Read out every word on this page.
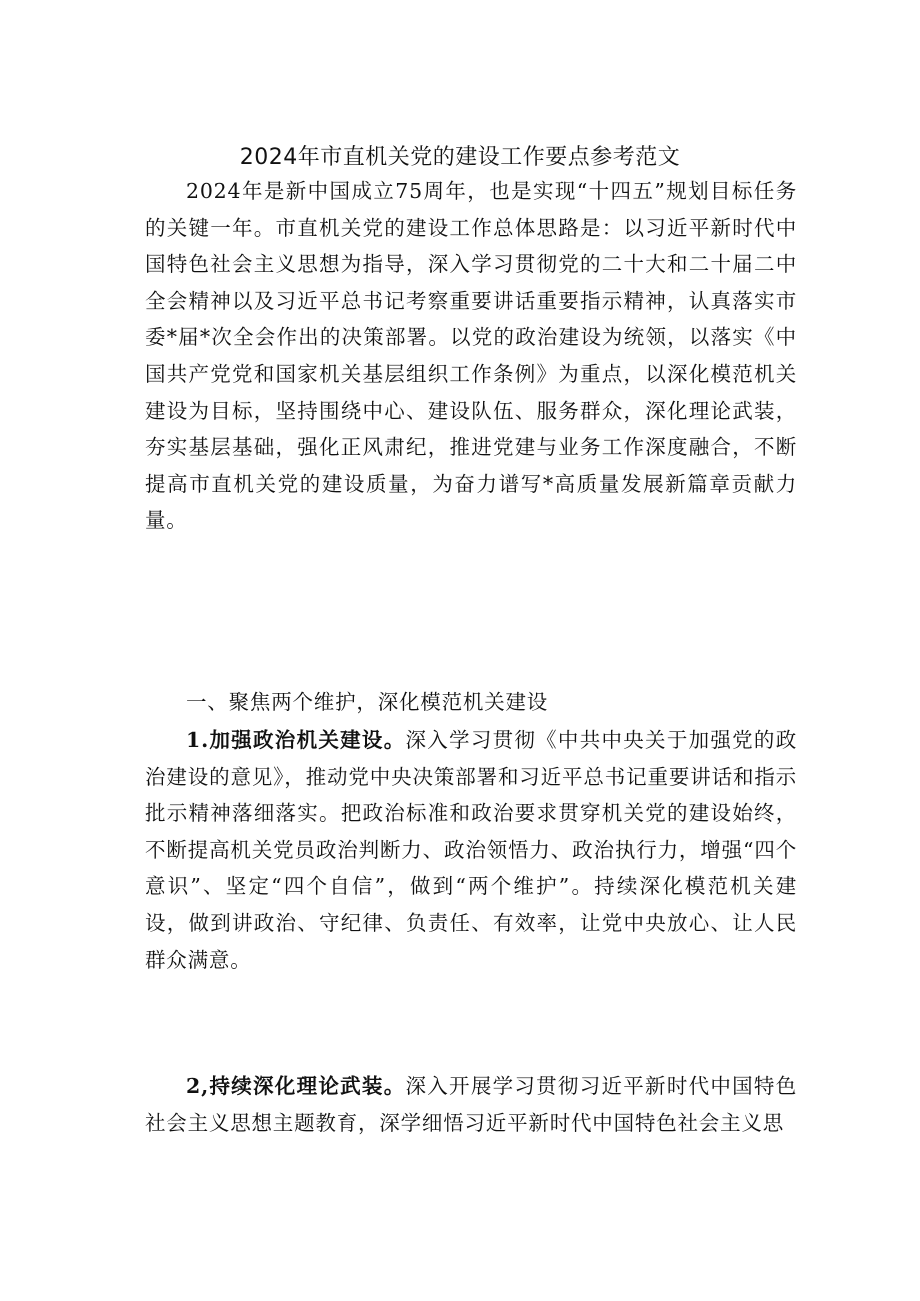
2024年市直机关党的建设工作要点参考范文

2024年是新中国成立75周年，也是实现“十四五”规划目标任务的关键一年。市直机关党的建设工作总体思路是：以习近平新时代中国特色社会主义思想为指导，深入学习贯彻党的二十大和二十届二中全会精神以及习近平总书记考察重要讲话重要指示精神，认真落实市委*届*次全会作出的决策部署。以党的政治建设为统领，以落实《中国共产党党和国家机关基层组织工作条例》为重点，以深化模范机关建设为目标，坚持围绕中心、建设队伍、服务群众，深化理论武装，夯实基层基础，强化正风肃纪，推进党建与业务工作深度融合，不断提高市直机关党的建设质量，为奋力谱写*高质量发展新篇章贡献力量。

一、聚焦两个维护，深化模范机关建设

1.加强政治机关建设。深入学习贯彻《中共中央关于加强党的政治建设的意见》，推动党中央决策部署和习近平总书记重要讲话和指示批示精神落细落实。把政治标准和政治要求贯穿机关党的建设始终，不断提高机关党员政治判断力、政治领悟力、政治执行力，增强“四个意识”、坚定“四个自信”，做到“两个维护”。持续深化模范机关建设，做到讲政治、守纪律、负责任、有效率，让党中央放心、让人民群众满意。

2,持续深化理论武装。深入开展学习贯彻习近平新时代中国特色社会主义思想主题教育，深学细悟习近平新时代中国特色社会主义思
